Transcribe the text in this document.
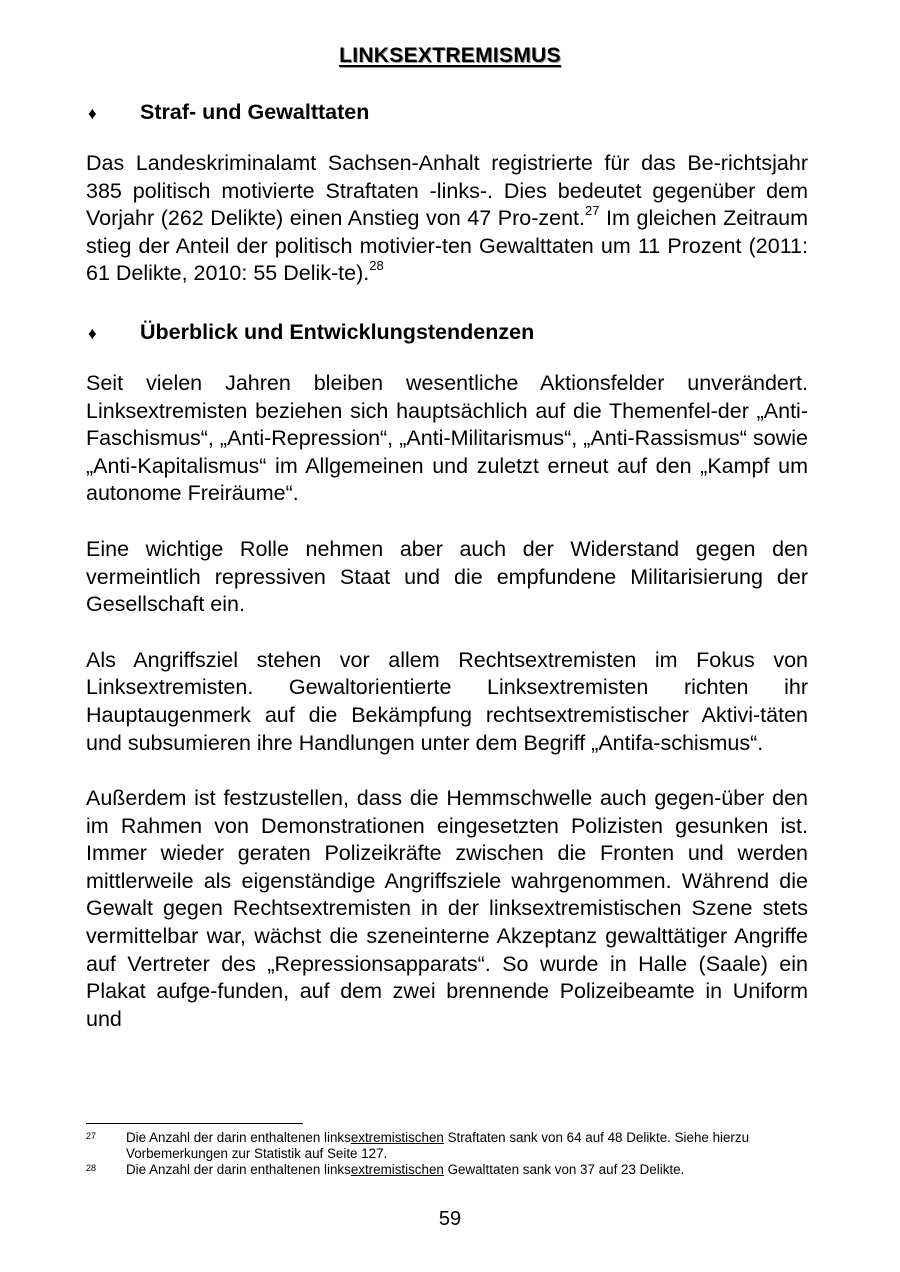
LINKSEXTREMISMUS
♦	Straf- und Gewalttaten

Das Landeskriminalamt Sachsen-Anhalt registrierte für das Be-richtsjahr 385 politisch motivierte Straftaten -links-. Dies bedeutet gegenüber dem Vorjahr (262 Delikte) einen Anstieg von 47 Pro-zent.$^{27}$ Im gleichen Zeitraum stieg der Anteil der politisch motivier-ten Gewalttaten um 11 Prozent (2011: 61 Delikte, 2010: 55 Delik-te).$^{28}$

♦	Überblick und Entwicklungstendenzen

Seit vielen Jahren bleiben wesentliche Aktionsfelder unverändert. Linksextremisten beziehen sich hauptsächlich auf die Themenfel-der „Anti-Faschismus“, „Anti-Repression“, „Anti-Militarismus“, „Anti-Rassismus“ sowie „Anti-Kapitalismus“ im Allgemeinen und zuletzt erneut auf den „Kampf um autonome Freiräume“.

Eine wichtige Rolle nehmen aber auch der Widerstand gegen den vermeintlich repressiven Staat und die empfundene Militarisierung der Gesellschaft ein.

Als Angriffsziel stehen vor allem Rechtsextremisten im Fokus von Linksextremisten. Gewaltorientierte Linksextremisten richten ihr Hauptaugenmerk auf die Bekämpfung rechtsextremistischer Aktivi-täten und subsumieren ihre Handlungen unter dem Begriff „Antifa-schismus“.

Außerdem ist festzustellen, dass die Hemmschwelle auch gegen-über den im Rahmen von Demonstrationen eingesetzten Polizisten gesunken ist. Immer wieder geraten Polizeikräfte zwischen die Fronten und werden mittlerweile als eigenständige Angriffsziele wahrgenommen. Während die Gewalt gegen Rechtsextremisten in der linksextremistischen Szene stets vermittelbar war, wächst die szeneinterne Akzeptanz gewalttätiger Angriffe auf Vertreter des „Repressionsapparats“. So wurde in Halle (Saale) ein Plakat aufge-funden, auf dem zwei brennende Polizeibeamte in Uniform und

27	Die Anzahl der darin enthaltenen linksextremistischen Straftaten sank von 64 auf 48 Delikte. Siehe hierzu Vorbemerkungen zur Statistik auf Seite 127.
28	Die Anzahl der darin enthaltenen linksextremistischen Gewalttaten sank von 37 auf 23 Delikte.
59
